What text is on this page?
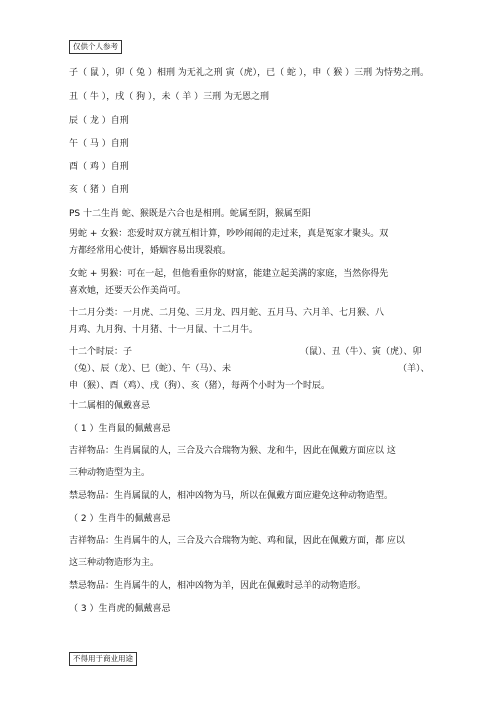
仅供个人参考
子（ 鼠 ），卯（ 兔 ）相刑 为无礼之刑 寅（虎），已（ 蛇 ），申（ 猴 ）三刑 为恃势之刑。
丑（ 牛 ），戌（ 狗 ），未（ 羊 ）三刑 为无恩之刑
辰（ 龙 ）自刑
午（ 马 ）自刑
酉（ 鸡 ）自刑
亥（ 猪 ）自刑
PS 十二生肖 蛇、猴既是六合也是相刑。蛇属至阴，猴属至阳
男蛇 + 女猴：恋爱时双方就互相计算，吵吵闹闹的走过来，真是冤家才聚头。双
方都经常用心使计，婚姻容易出现裂痕。
女蛇 + 男猴：可在一起，但他看重你的财富，能建立起美满的家庭，当然你得先
喜欢她，还要天公作美尚可。
十二月分类：一月虎、二月兔、三月龙、四月蛇、五月马、六月羊、七月猴、八
月鸡、九月狗、十月猪、十一月鼠、十二月牛。
十二个时辰：子	（鼠）、丑（牛）、寅（虎）、卯
（兔）、辰（龙）、巳（蛇）、午（马）、未	（羊）、
申（猴）、酉（鸡）、戌（狗）、亥（猪），每两个小时为一个时辰。
十二属相的佩戴喜忌
（ 1 ）生肖鼠的佩戴喜忌
吉祥物品：生肖属鼠的人，三合及六合瑞物为猴、龙和牛，因此在佩戴方面应以 这
三种动物造型为主。
禁忌物品：生肖属鼠的人，相冲凶物为马，所以在佩戴方面应避免这种动物造型。
（ 2 ）生肖牛的佩戴喜忌
吉祥物品：生肖属牛的人，三合及六合瑞物为蛇、鸡和鼠，因此在佩戴方面，都 应以
这三种动物造形为主。
禁忌物品：生肖属牛的人，相冲凶物为羊，因此在佩戴时忌羊的动物造形。
（ 3 ）生肖虎的佩戴喜忌
不得用于商业用途
